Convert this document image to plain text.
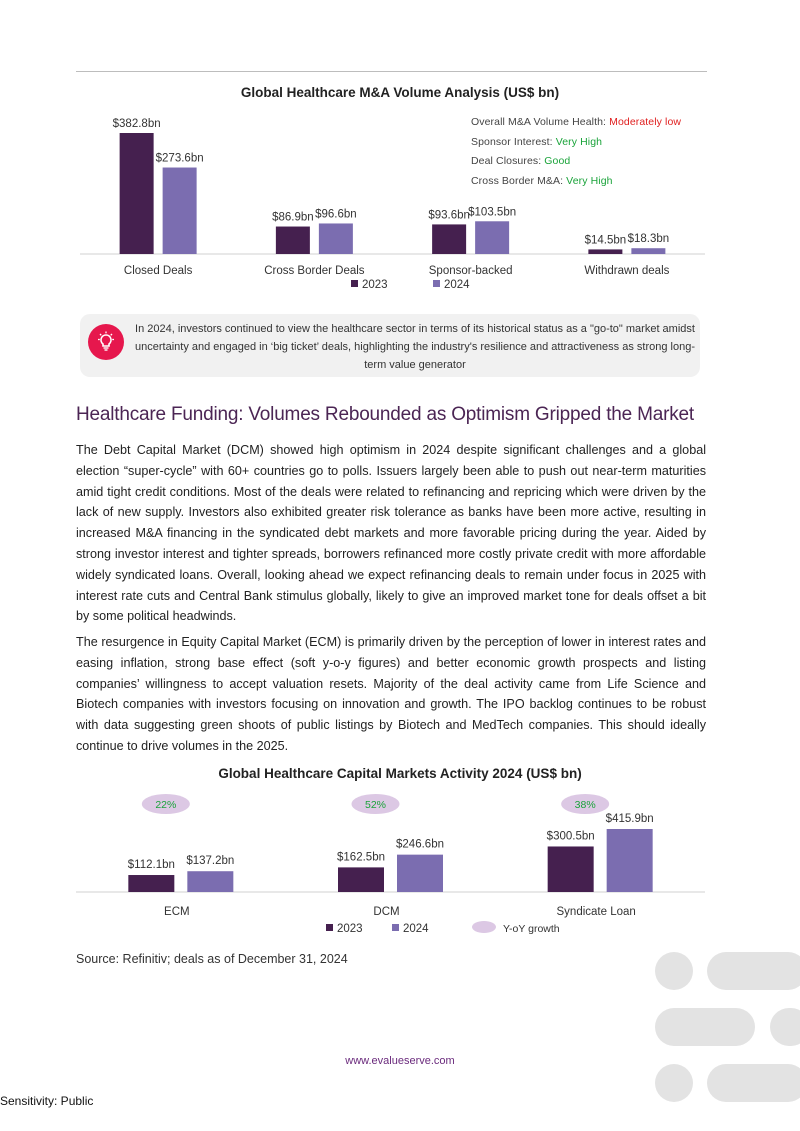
Global Healthcare M&A Volume Analysis (US$ bn)
$382.8bn
$273.6bn
Closed Deals
$86.9bn $96.6bn
Cross Border Deals
$93.6bn
$103.5bn
Sponsor-backed
$14.5bn $18.3bn
Withdrawn deals
2023	2024
Overall M&A Volume Health: Moderately low
Sponsor Interest: Very High
Deal Closures: Good
Cross Border M&A: Very High
In 2024, investors continued to view the healthcare sector in terms of its historical status as a "go-to" market amidst uncertainty and engaged in ‘big ticket’ deals, highlighting the industry's resilience and attractiveness as strong long-term value generator
Healthcare Funding: Volumes Rebounded as Optimism Gripped the Market
The Debt Capital Market (DCM) showed high optimism in 2024 despite significant challenges and a global election “super-cycle” with 60+ countries go to polls. Issuers largely been able to push out near-term maturities amid tight credit conditions. Most of the deals were related to refinancing and repricing which were driven by the lack of new supply. Investors also exhibited greater risk tolerance as banks have been more active, resulting in increased M&A financing in the syndicated debt markets and more favorable pricing during the year. Aided by strong investor interest and tighter spreads, borrowers refinanced more costly private credit with more affordable widely syndicated loans. Overall, looking ahead we expect refinancing deals to remain under focus in 2025 with interest rate cuts and Central Bank stimulus globally, likely to give an improved market tone for deals offset a bit by some political headwinds.
The resurgence in Equity Capital Market (ECM) is primarily driven by the perception of lower in interest rates and easing inflation, strong base effect (soft y-o-y figures) and better economic growth prospects and listing companies’ willingness to accept valuation resets. Majority of the deal activity came from Life Science and Biotech companies with investors focusing on innovation and growth. The IPO backlog continues to be robust with data suggesting green shoots of public listings by Biotech and MedTech companies. This should ideally continue to drive volumes in the 2025.
Global Healthcare Capital Markets Activity 2024 (US$ bn)
$112.1bn $137.2bn
22%
ECM
$162.5bn
$246.6bn
52%
DCM
$300.5bn
$415.9bn
38%
Syndicate Loan
2023	2024	Y-oY growth
Source: Refinitiv; deals as of December 31, 2024
www.evalueserve.com
Sensitivity: Public
